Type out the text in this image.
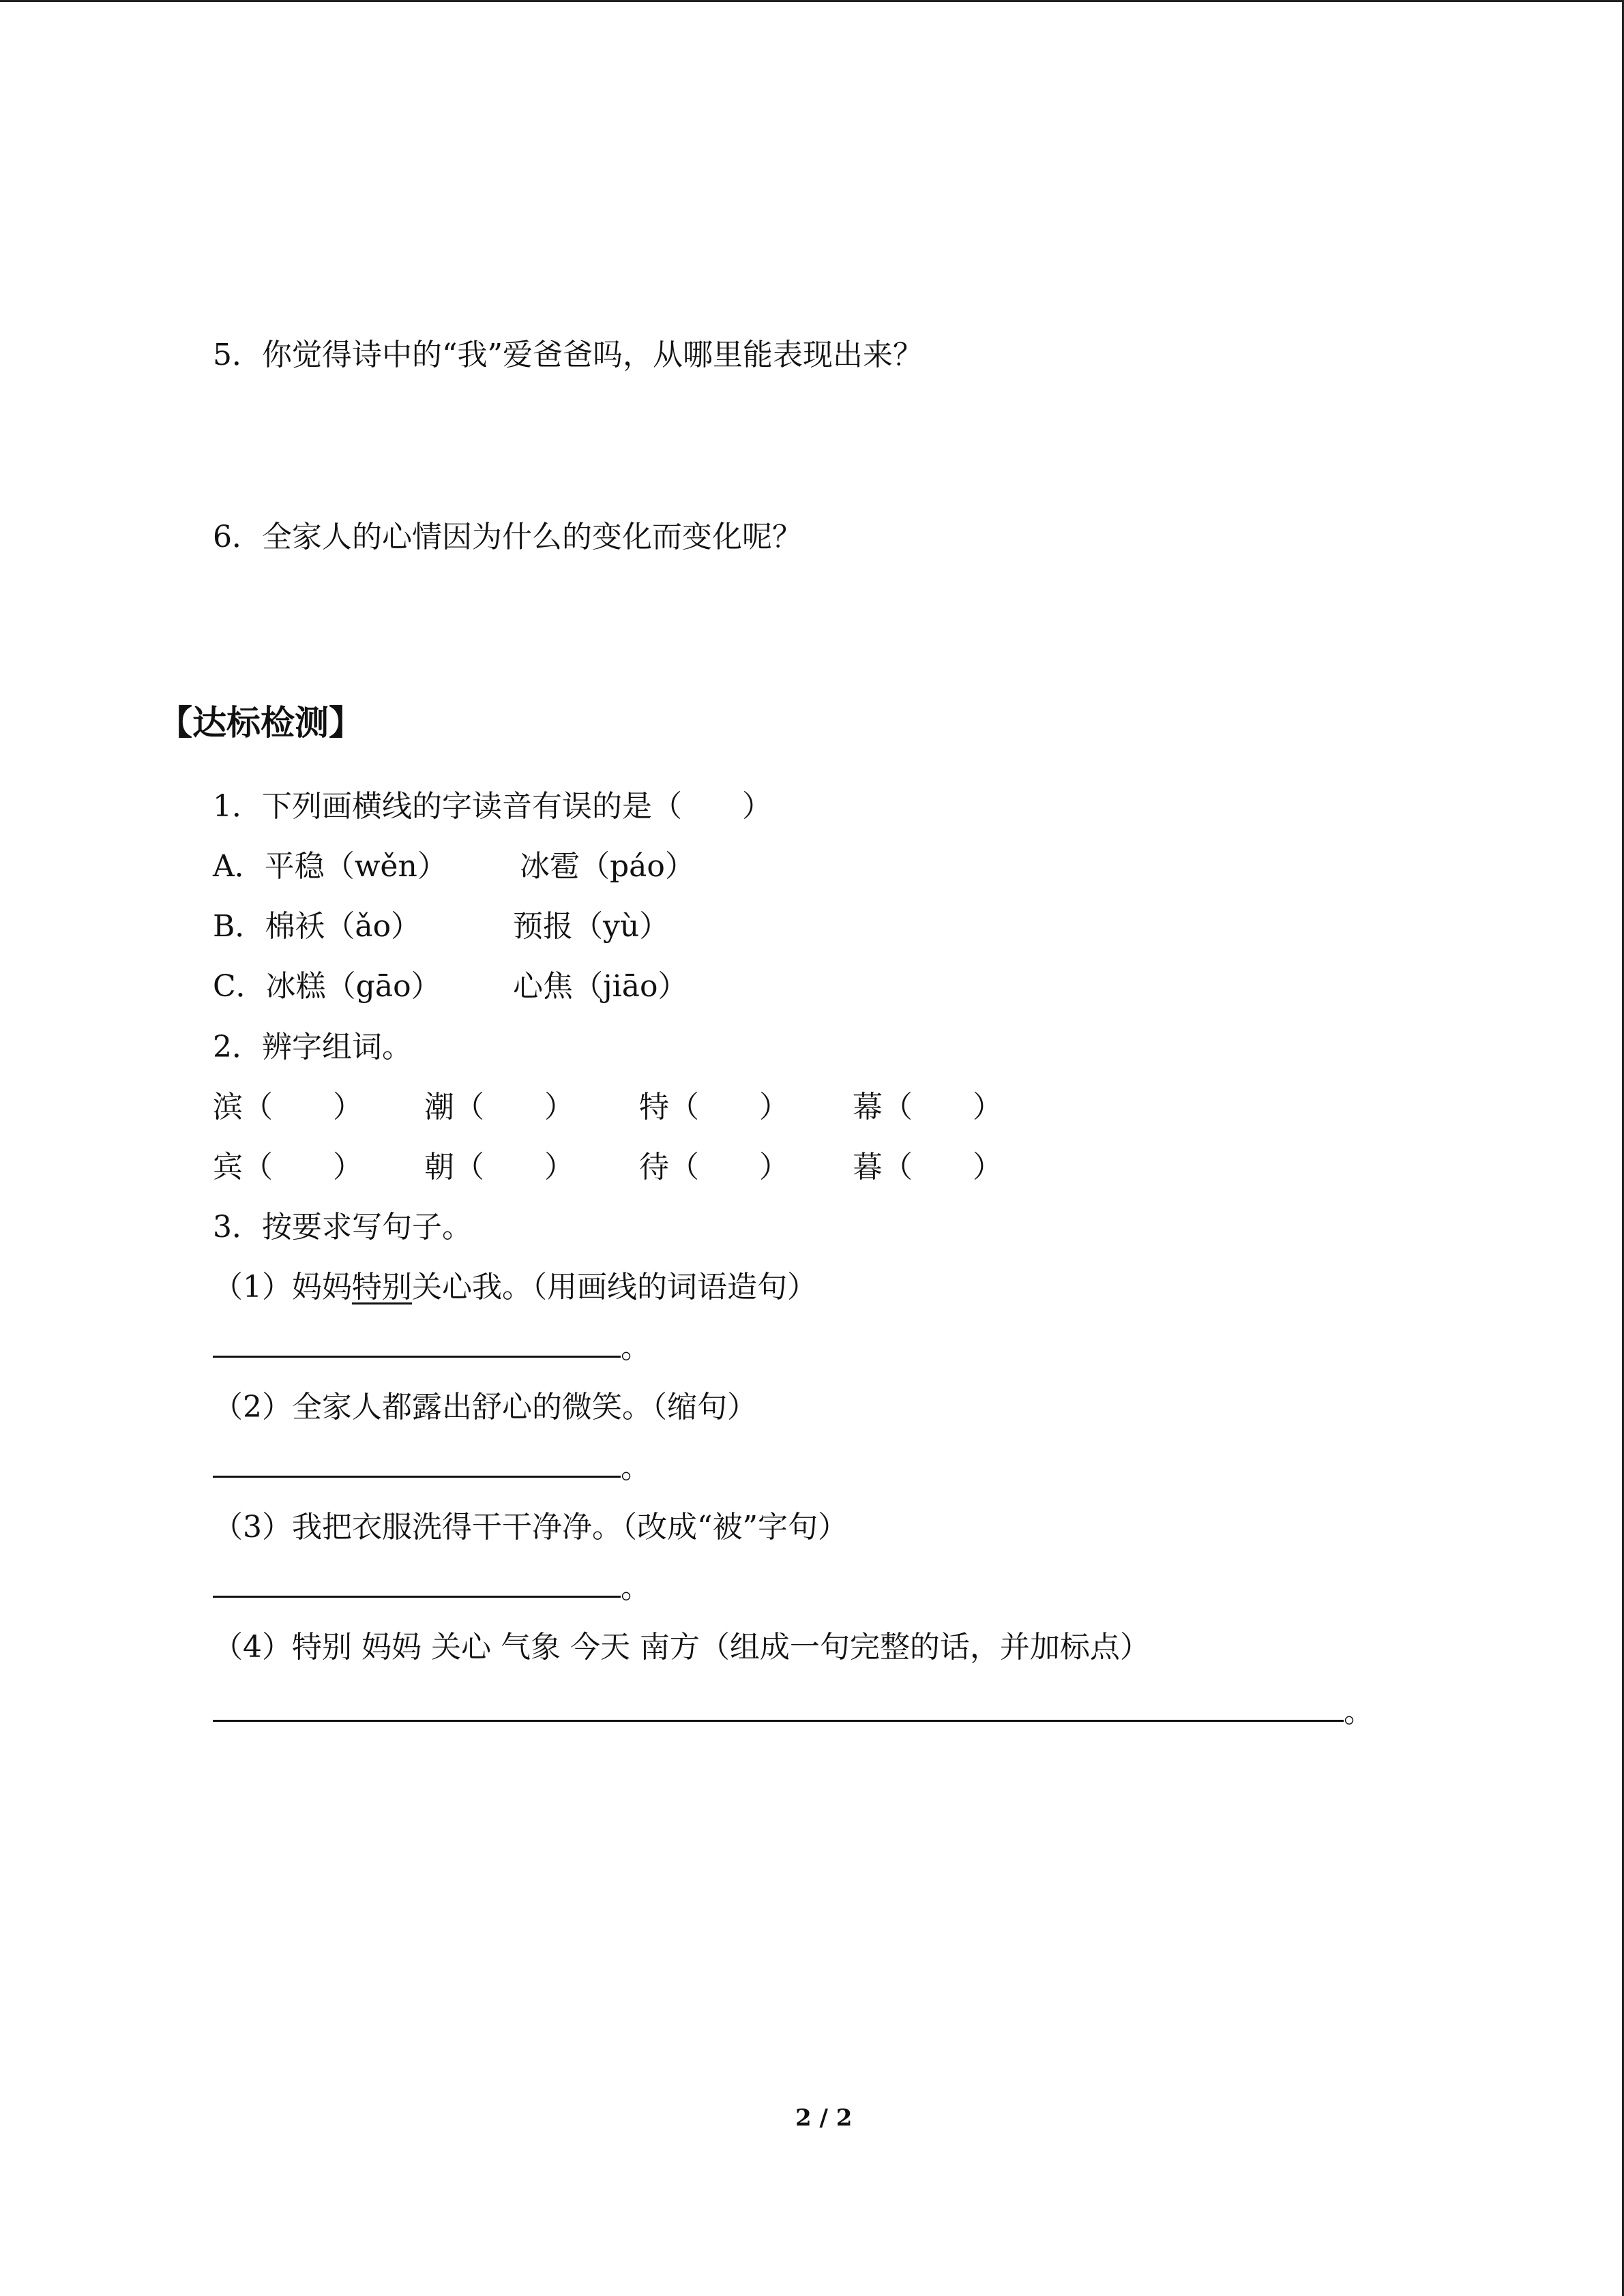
5．你觉得诗中的“我”爱爸爸吗，从哪里能表现出来？
6．全家人的心情因为什么的变化而变化呢？
【达标检测】
1．下列画横线的字读音有误的是（　　）
A．平稳（wěn） 冰雹（páo）
B．棉袄（ǎo）	预报（yù）
C．冰糕（gāo） 心焦（jiāo）
2．辨字组词。
滨（　　） 潮（　　） 特（　　） 幕（　　）
宾（　　） 朝（　　） 待（　　） 暮（　　）
3．按要求写句子。
（1）妈妈特别关心我。（用画线的词语造句）
。
（2）全家人都露出舒心的微笑。（缩句）
。
（3）我把衣服洗得干干净净。（改成“被”字句）
。
（4）特别 妈妈 关心 气象 今天 南方（组成一句完整的话，并加标点）
。
2 / 2
